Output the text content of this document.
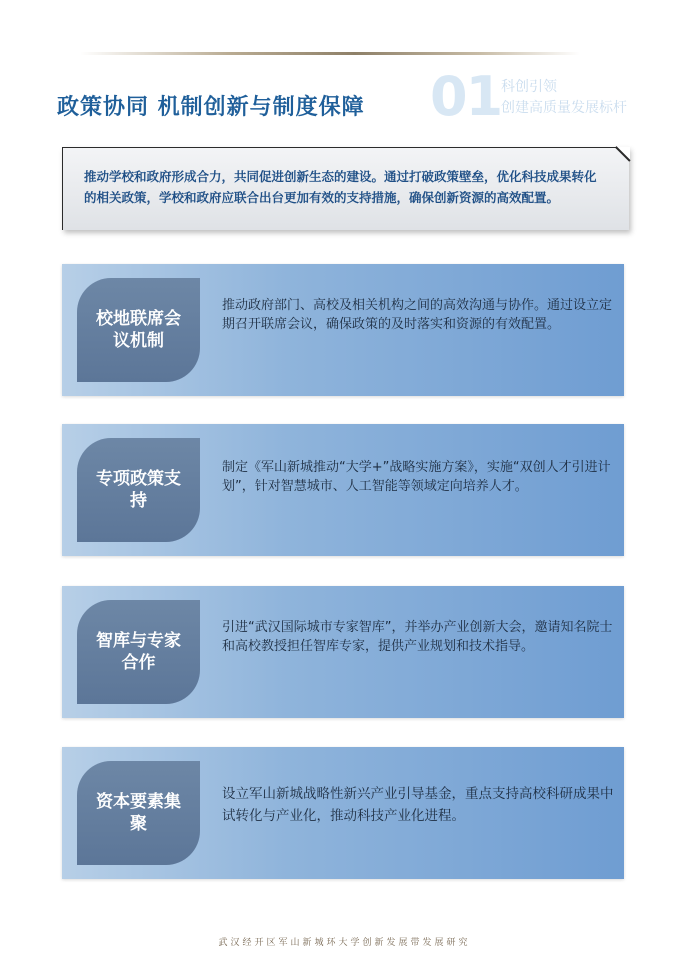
政策协同 机制创新与制度保障 01 科创引领
创建高质量发展标杆
推动学校和政府形成合力，共同促进创新生态的建设。通过打破政策壁垒，优化科技成果转化的相关政策，学校和政府应联合出台更加有效的支持措施，确保创新资源的高效配置。
校地联席会议机制
推动政府部门、高校及相关机构之间的高效沟通与协作。通过设立定期召开联席会议，确保政策的及时落实和资源的有效配置。
专项政策支持
制定《军山新城推动“大学+”战略实施方案》，实施“双创人才引进计划”，针对智慧城市、人工智能等领域定向培养人才。
智库与专家合作
引进“武汉国际城市专家智库”，并举办产业创新大会，邀请知名院士和高校教授担任智库专家，提供产业规划和技术指导。
资本要素集聚
设立军山新城战略性新兴产业引导基金，重点支持高校科研成果中试转化与产业化，推动科技产业化进程。
武汉经开区军山新城环大学创新发展带发展研究
